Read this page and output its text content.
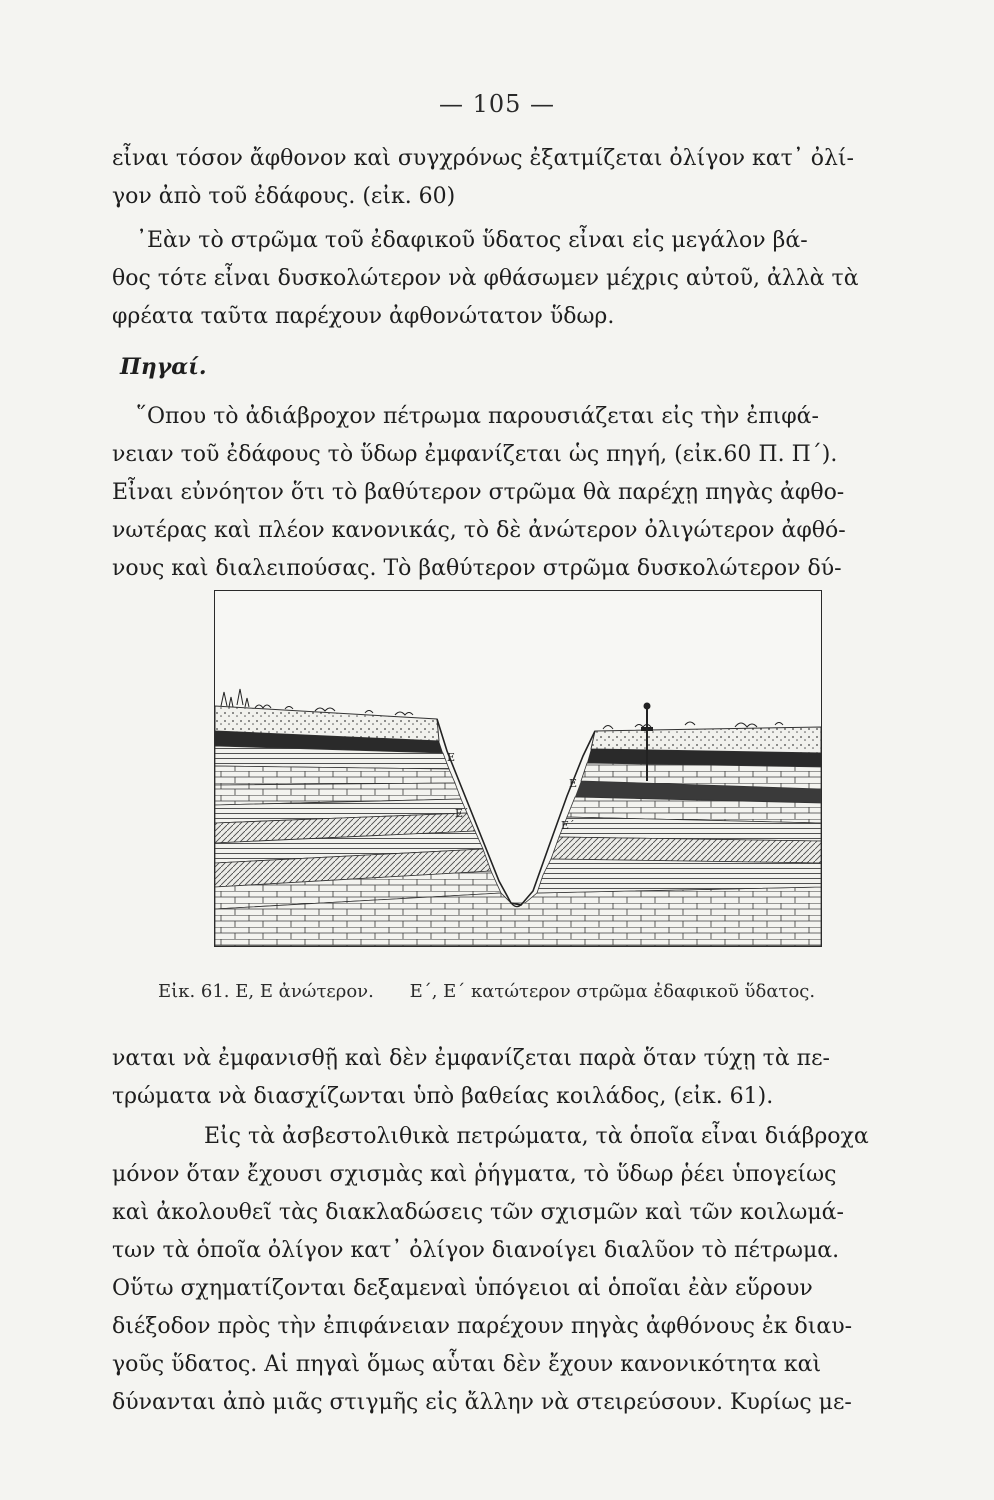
— 105 —

εἶναι τόσον ἄφθονον καὶ συγχρόνως ἐξατμίζεται ὀλίγον κατ᾽ ὀλί-
γον ἀπὸ τοῦ ἐδάφους. (εἰκ. 60)

᾽Εὰν τὸ στρῶμα τοῦ ἐδαφικοῦ ὕδατος εἶναι εἰς μεγάλον βά-
θος τότε εἶναι δυσκολώτερον νὰ φθάσωμεν μέχρις αὐτοῦ, ἀλλὰ τὰ
φρέατα ταῦτα παρέχουν ἀφθονώτατον ὕδωρ.

Πηγαί.

῞Οπου τὸ ἀδιάβροχον πέτρωμα παρουσιάζεται εἰς τὴν ἐπιφά-
νειαν τοῦ ἐδάφους τὸ ὕδωρ ἐμφανίζεται ὡς πηγή, (εἰκ.60 Π. Π΄).
Εἶναι εὐνόητον ὅτι τὸ βαθύτερον στρῶμα θὰ παρέχῃ πηγὰς ἀφθο-
νωτέρας καὶ πλέον κανονικάς, τὸ δὲ ἀνώτερον ὀλιγώτερον ἀφθό-
νους καὶ διαλειπούσας. Τὸ βαθύτερον στρῶμα δυσκολώτερον δύ-

E
E
E΄
E΄
Εἰκ. 61. Ε, Ε ἀνώτερον. Ε΄, Ε΄ κατώτερον στρῶμα ἐδαφικοῦ ὕδατος.

ναται νὰ ἐμφανισθῇ καὶ δὲν ἐμφανίζεται παρὰ ὅταν τύχῃ τὰ πε-
τρώματα νὰ διασχίζωνται ὑπὸ βαθείας κοιλάδος, (εἰκ. 61).

Εἰς τὰ ἀσβεστολιθικὰ πετρώματα, τὰ ὁποῖα εἶναι διάβροχα
μόνον ὅταν ἔχουσι σχισμὰς καὶ ῥήγματα, τὸ ὕδωρ ῥέει ὑπογείως
καὶ ἀκολουθεῖ τὰς διακλαδώσεις τῶν σχισμῶν καὶ τῶν κοιλωμά-
των τὰ ὁποῖα ὀλίγον κατ᾽ ὀλίγον διανοίγει διαλῦον τὸ πέτρωμα.
Οὕτω σχηματίζονται δεξαμεναὶ ὑπόγειοι αἱ ὁποῖαι ἐὰν εὕρουν
διέξοδον πρὸς τὴν ἐπιφάνειαν παρέχουν πηγὰς ἀφθόνους ἐκ διαυ-
γοῦς ὕδατος. Αἱ πηγαὶ ὅμως αὗται δὲν ἔχουν κανονικότητα καὶ
δύνανται ἀπὸ μιᾶς στιγμῆς εἰς ἄλλην νὰ στειρεύσουν. Κυρίως με-
